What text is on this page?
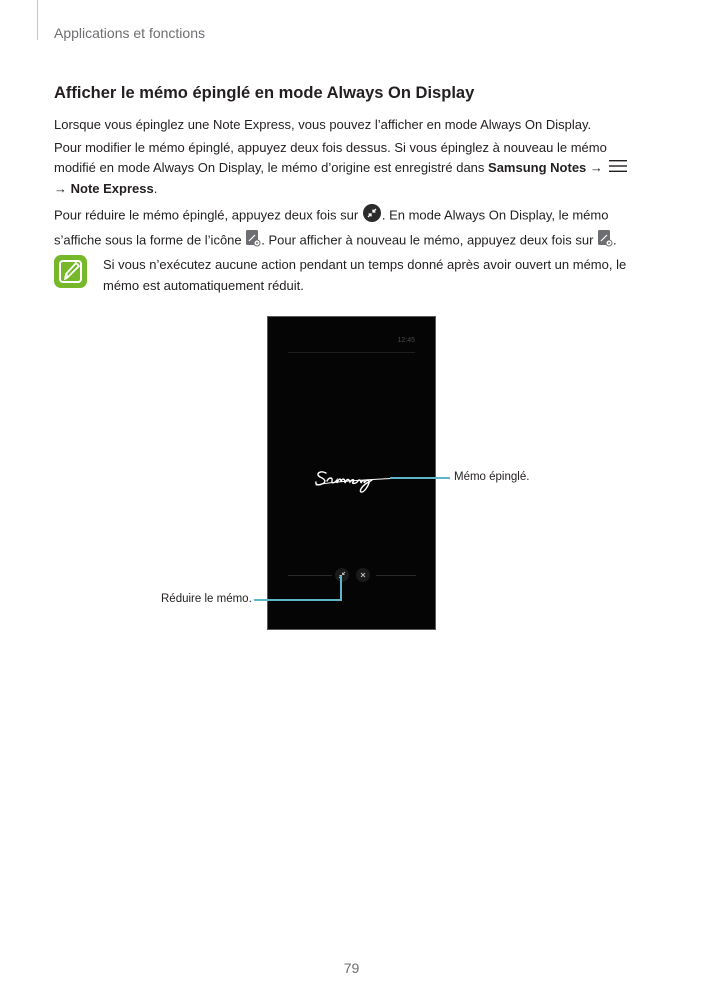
Applications et fonctions
Afficher le mémo épinglé en mode Always On Display
Lorsque vous épinglez une Note Express, vous pouvez l’afficher en mode Always On Display.
Pour modifier le mémo épinglé, appuyez deux fois dessus. Si vous épinglez à nouveau le mémo
modifié en mode Always On Display, le mémo d’origine est enregistré dans Samsung Notes →
→ Note Express.
Pour réduire le mémo épinglé, appuyez deux fois sur . En mode Always On Display, le mémo
s’affiche sous la forme de l’icône . Pour afficher à nouveau le mémo, appuyez deux fois sur .
Si vous n’exécutez aucune action pendant un temps donné après avoir ouvert un mémo, le
mémo est automatiquement réduit.
12:45
Mémo épinglé.
Réduire le mémo.
79
